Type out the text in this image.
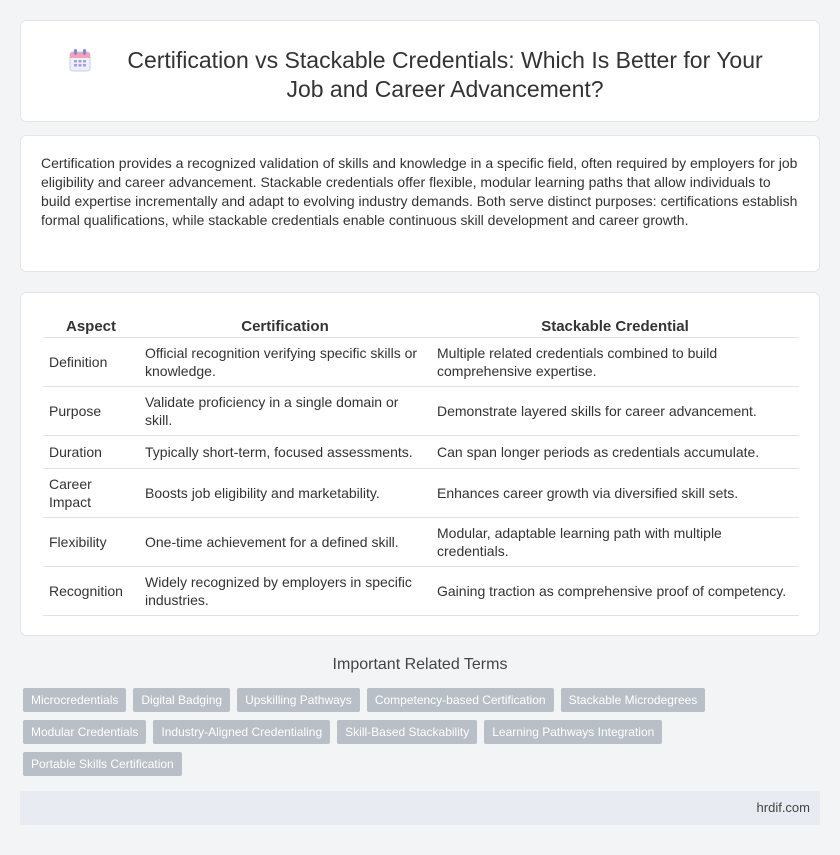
Certification vs Stackable Credentials: Which Is Better for Your Job and Career Advancement?

Certification provides a recognized validation of skills and knowledge in a specific field, often required by employers for job eligibility and career advancement. Stackable credentials offer flexible, modular learning paths that allow individuals to build expertise incrementally and adapt to evolving industry demands. Both serve distinct purposes: certifications establish formal qualifications, while stackable credentials enable continuous skill development and career growth.

Aspect	Certification	Stackable Credential
Definition	Official recognition verifying specific skills or knowledge.	Multiple related credentials combined to build comprehensive expertise.
Purpose	Validate proficiency in a single domain or skill.	Demonstrate layered skills for career advancement.
Duration	Typically short-term, focused assessments.	Can span longer periods as credentials accumulate.
Career Impact	Boosts job eligibility and marketability.	Enhances career growth via diversified skill sets.
Flexibility	One-time achievement for a defined skill.	Modular, adaptable learning path with multiple credentials.
Recognition	Widely recognized by employers in specific industries.	Gaining traction as comprehensive proof of competency.
Important Related Terms
Microcredentials	Digital Badging	Upskilling Pathways	Competency-based Certification	Stackable Microdegrees
Modular Credentials	Industry-Aligned Credentialing	Skill-Based Stackability	Learning Pathways Integration
Portable Skills Certification
hrdif.com
